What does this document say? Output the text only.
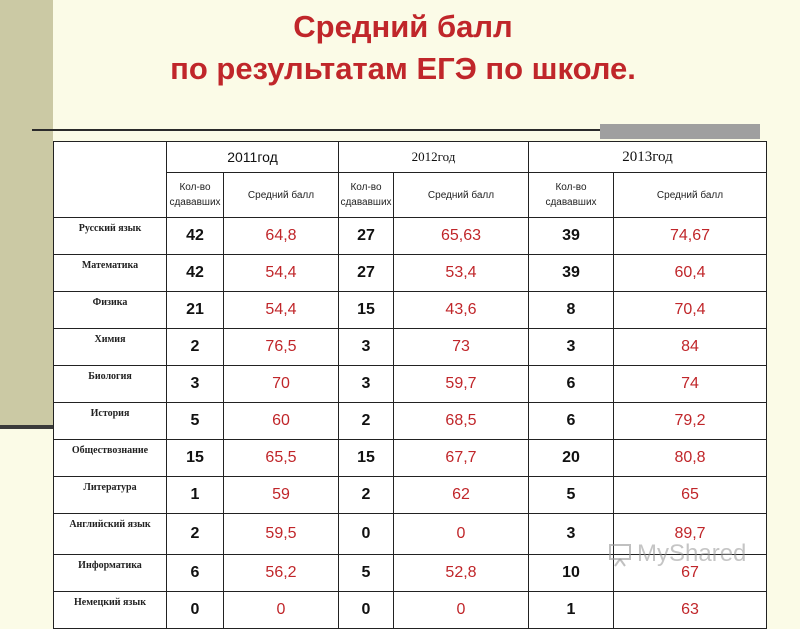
Средний балл
по результатам ЕГЭ по школе.
	2011год		2012год		2013год	
	Кол-во сдававших	Средний балл	Кол-во сдававших	Средний балл	Кол-во сдававших	Средний балл
Русский язык	42	64,8	27	65,63	39	74,67
Математика	42	54,4	27	53,4	39	60,4
Физика	21	54,4	15	43,6	8	70,4
Химия	2	76,5	3	73	3	84
Биология	3	70	3	59,7	6	74
История	5	60	2	68,5	6	79,2
Обществознание	15	65,5	15	67,7	20	80,8
Литература	1	59	2	62	5	65
Английский язык	2	59,5	0	0	3	89,7
Информатика	6	56,2	5	52,8	10	67
Немецкий язык	0	0	0	0	1	63
MyShared
